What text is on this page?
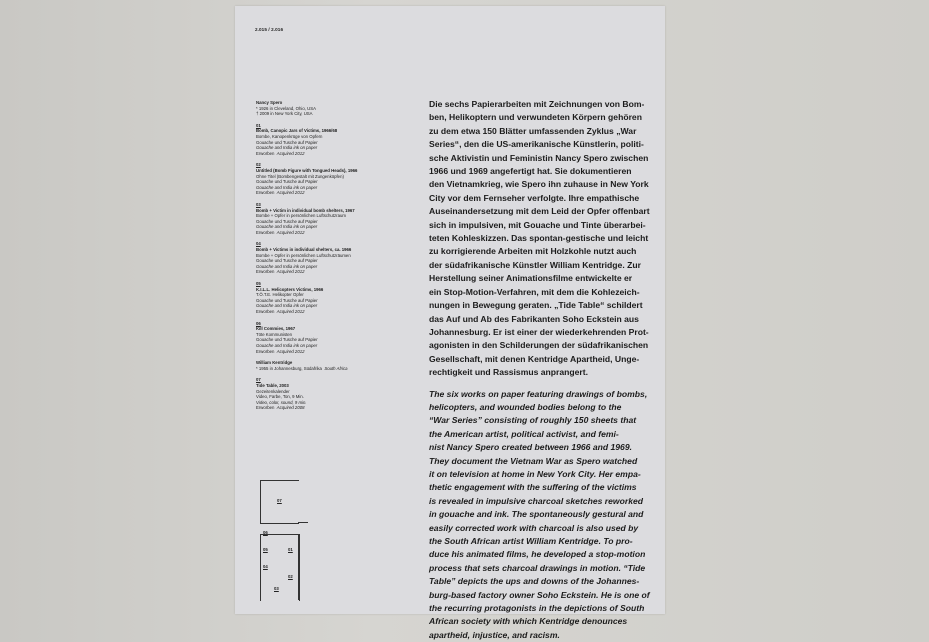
2.015 / 2.016
Nancy Spero
* 1926 in Cleveland, Ohio, USA
† 2009 in New York City, USA
01
Bomb, Canopic Jars of Victims, 1966/68
Bombe, Kanopenkrüge von Opfern
Gouache und Tusche auf Papier
Gouache and India ink on paper
Erworben Acquired 2012
02
Untitled (Bomb Figure with Tongued Heads), 1966
Ohne Titel (Bombengestalt mit Zungenköpfen)
Gouache und Tusche auf Papier
Gouache and India ink on paper
Erworben Acquired 2012
03
Bomb + Victim in individual bomb shelters, 1967
Bombe + Opfer in persönlichen Luftschutzraum
Gouache und Tusche auf Papier
Gouache and India ink on paper
Erworben Acquired 2012
04
Bomb + Victims in individual shelters, ca. 1966
Bombe + Opfer in persönlichen Luftschutzräumen
Gouache und Tusche auf Papier
Gouache and India ink on paper
Erworben Acquired 2012
05
K.I.L.L. Helicopters Victims, 1966
T.Ö.T.E. Helikopter Opfer
Gouache und Tusche auf Papier
Gouache and India ink on paper
Erworben Acquired 2012
06
Kill Commies, 1967
Töte Kommunisten
Gouache und Tusche auf Papier
Gouache and India ink on paper
Erworben Acquired 2012
William Kentridge
* 1955 in Johannesburg, Südafrika South Africa
07
Tide Table, 2003
Gezeitenkalender
Video, Farbe, Ton, 9 Min.
Video, color, sound, 9 min.
Erworben Acquired 2008
07
06
05	01
04
02
03
Die sechs Papierarbeiten mit Zeichnungen von Bom-
ben, Helikoptern und verwundeten Körpern gehören
zu dem etwa 150 Blätter umfassenden Zyklus „War
Series“, den die US-amerikanische Künstlerin, politi-
sche Aktivistin und Feministin Nancy Spero zwischen
1966 und 1969 angefertigt hat. Sie dokumentieren
den Vietnamkrieg, wie Spero ihn zuhause in New York
City vor dem Fernseher verfolgte. Ihre empathische
Auseinandersetzung mit dem Leid der Opfer offenbart
sich in impulsiven, mit Gouache und Tinte überarbei-
teten Kohleskizzen. Das spontan-gestische und leicht
zu korrigierende Arbeiten mit Holzkohle nutzt auch
der südafrikanische Künstler William Kentridge. Zur
Herstellung seiner Animationsfilme entwickelte er
ein Stop-Motion-Verfahren, mit dem die Kohlezeich-
nungen in Bewegung geraten. „Tide Table“ schildert
das Auf und Ab des Fabrikanten Soho Eckstein aus
Johannesburg. Er ist einer der wiederkehrenden Prot-
agonisten in den Schilderungen der südafrikanischen
Gesellschaft, mit denen Kentridge Apartheid, Unge-
rechtigkeit und Rassismus anprangert.
The six works on paper featuring drawings of bombs,
helicopters, and wounded bodies belong to the
“War Series” consisting of roughly 150 sheets that
the American artist, political activist, and femi-
nist Nancy Spero created between 1966 and 1969.
They document the Vietnam War as Spero watched
it on television at home in New York City. Her empa-
thetic engagement with the suffering of the victims
is revealed in impulsive charcoal sketches reworked
in gouache and ink. The spontaneously gestural and
easily corrected work with charcoal is also used by
the South African artist William Kentridge. To pro-
duce his animated films, he developed a stop-motion
process that sets charcoal drawings in motion. “Tide
Table” depicts the ups and downs of the Johannes-
burg-based factory owner Soho Eckstein. He is one of
the recurring protagonists in the depictions of South
African society with which Kentridge denounces
apartheid, injustice, and racism.
